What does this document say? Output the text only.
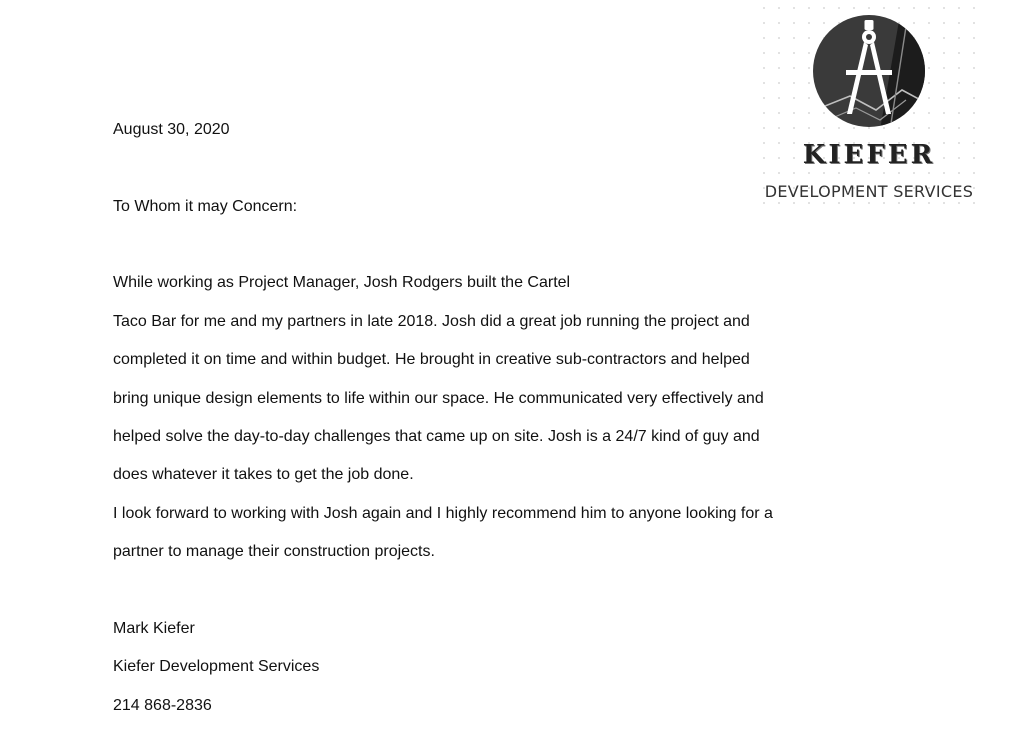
KIEFER
DEVELOPMENT SERVICES
August 30, 2020
To Whom it may Concern:
While working as Project Manager, Josh Rodgers built the Cartel
Taco Bar for me and my partners in late 2018. Josh did a great job running the project and
completed it on time and within budget. He brought in creative sub-contractors and helped
bring unique design elements to life within our space. He communicated very effectively and
helped solve the day-to-day challenges that came up on site. Josh is a 24/7 kind of guy and
does whatever it takes to get the job done.
I look forward to working with Josh again and I highly recommend him to anyone looking for a
partner to manage their construction projects.
Mark Kiefer
Kiefer Development Services
214 868-2836
